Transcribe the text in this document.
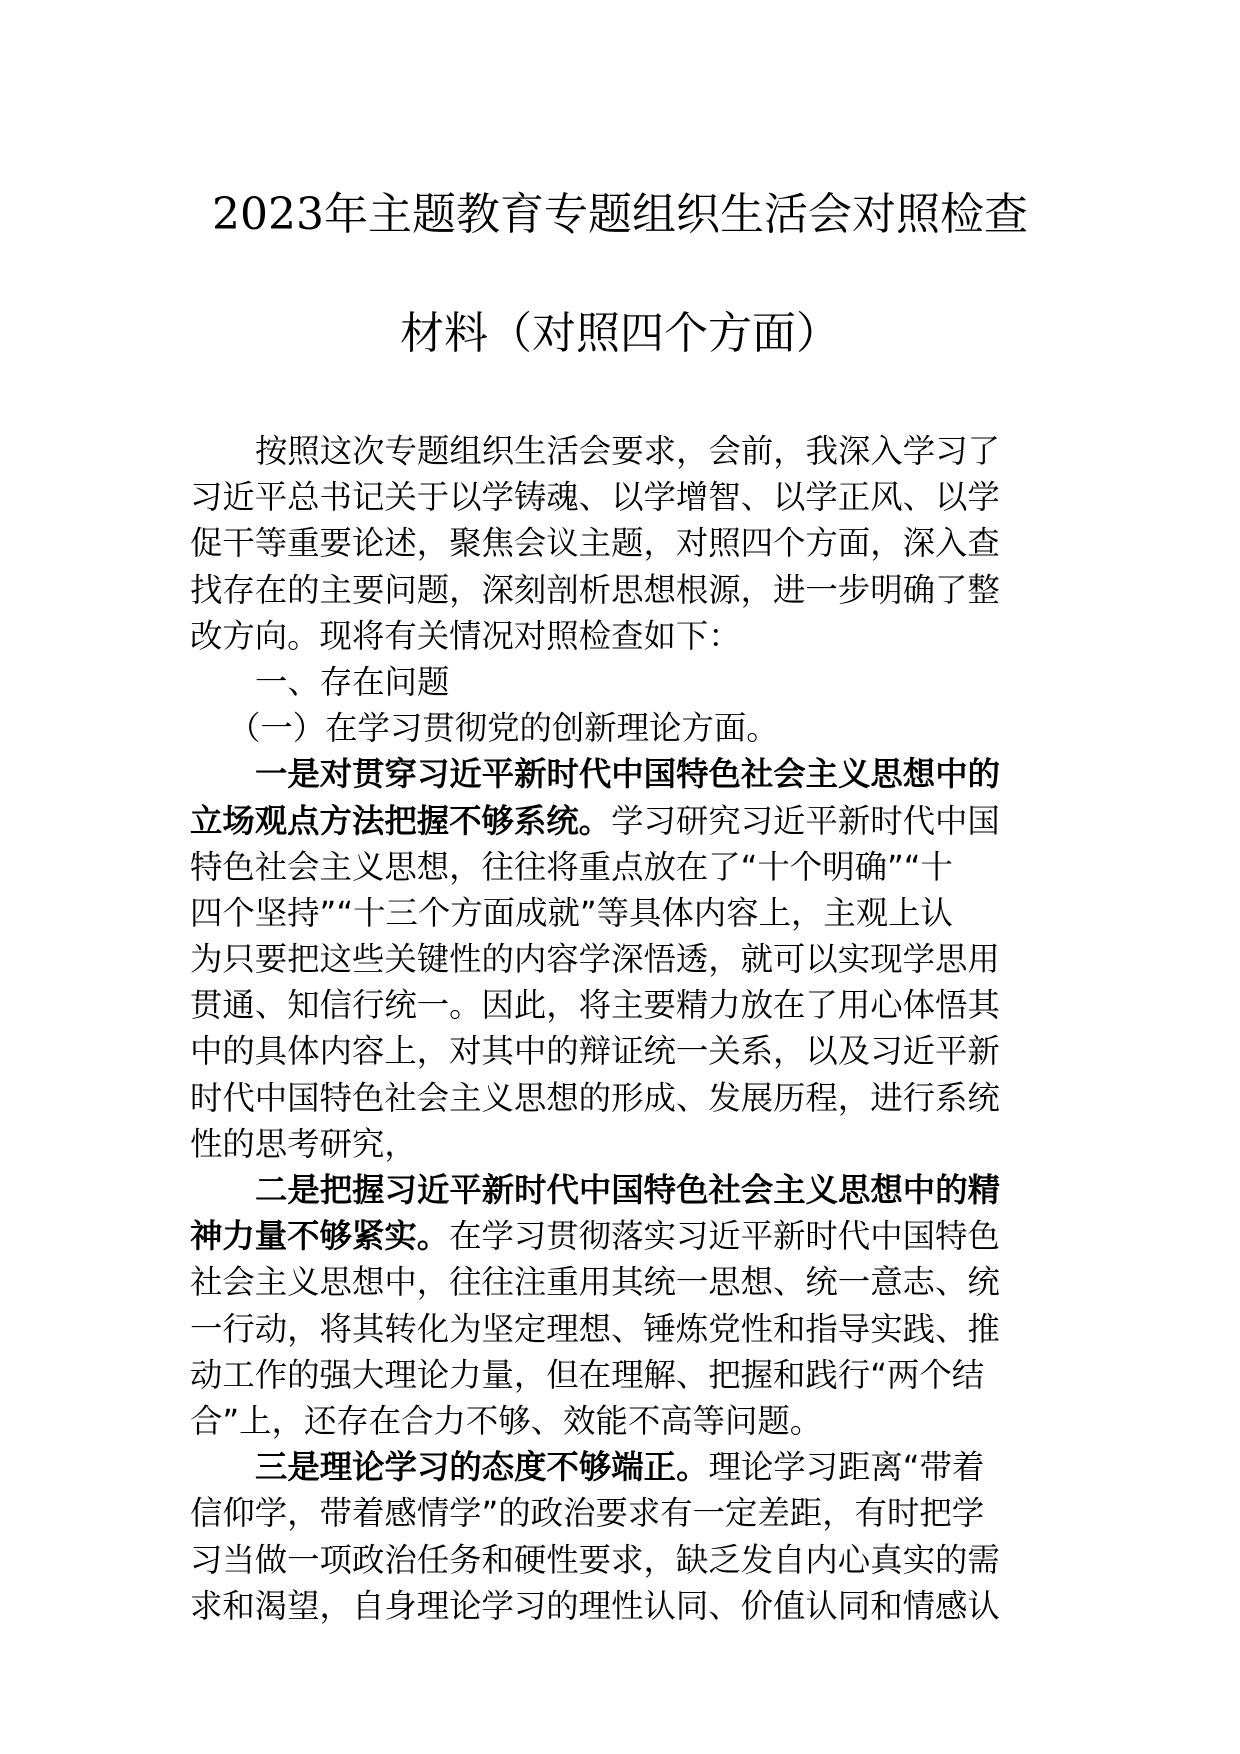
2023年主题教育专题组织生活会对照检查
材料（对照四个方面）
按照这次专题组织生活会要求，会前，我深入学习了
习近平总书记关于以学铸魂、以学增智、以学正风、以学
促干等重要论述，聚焦会议主题，对照四个方面，深入查
找存在的主要问题，深刻剖析思想根源，进一步明确了整
改方向。现将有关情况对照检查如下：
一、存在问题
（一）在学习贯彻党的创新理论方面。
一是对贯穿习近平新时代中国特色社会主义思想中的
立场观点方法把握不够系统。学习研究习近平新时代中国
特色社会主义思想，往往将重点放在了“十个明确”“十
四个坚持”“十三个方面成就”等具体内容上，主观上认
为只要把这些关键性的内容学深悟透，就可以实现学思用
贯通、知信行统一。因此，将主要精力放在了用心体悟其
中的具体内容上，对其中的辩证统一关系，以及习近平新
时代中国特色社会主义思想的形成、发展历程，进行系统
性的思考研究，
二是把握习近平新时代中国特色社会主义思想中的精
神力量不够紧实。在学习贯彻落实习近平新时代中国特色
社会主义思想中，往往注重用其统一思想、统一意志、统
一行动，将其转化为坚定理想、锤炼党性和指导实践、推
动工作的强大理论力量，但在理解、把握和践行“两个结
合”上，还存在合力不够、效能不高等问题。
三是理论学习的态度不够端正。理论学习距离“带着
信仰学，带着感情学”的政治要求有一定差距，有时把学
习当做一项政治任务和硬性要求，缺乏发自内心真实的需
求和渴望，自身理论学习的理性认同、价值认同和情感认
